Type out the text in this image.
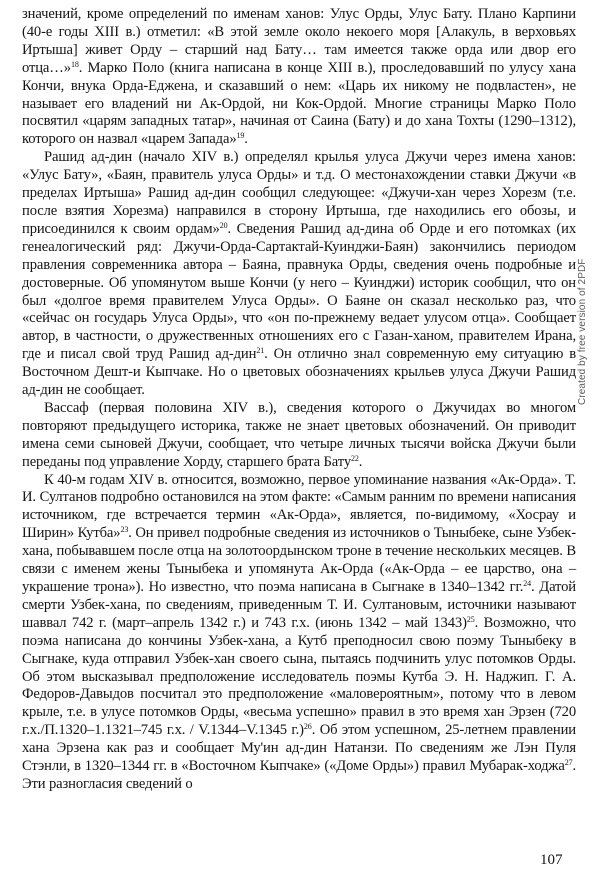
значений, кроме определений по именам ханов: Улус Орды, Улус Бату. Плано Карпини (40-е годы XIII в.) отметил: «В этой земле около некоего моря [Алакуль, в верховьях Иртыша] живет Орду – старший над Бату… там имеется также орда или двор его отца…»$^{18}$. Марко Поло (книга написана в конце XIII в.), проследовавший по улусу хана Кончи, внука Орда-Еджена, и сказавший о нем: «Царь их никому не подвластен», не называет его владений ни Ак-Ордой, ни Кок-Ордой. Многие страницы Марко Поло посвятил «царям западных татар», начиная от Саина (Бату) и до хана Тохты (1290–1312), которого он назвал «царем Запада»$^{19}$.

Рашид ад-дин (начало XIV в.) определял крылья улуса Джучи через имена ханов: «Улус Бату», «Баян, правитель улуса Орды» и т.д. О местонахождении ставки Джучи «в пределах Иртыша» Рашид ад-дин сообщил следующее: «Джучи-хан через Хорезм (т.е. после взятия Хорезма) направился в сторону Иртыша, где находились его обозы, и присоединился к своим ордам»$^{20}$. Сведения Рашид ад-дина об Орде и его потомках (их генеалогический ряд: Джучи-Орда-Сартактай-Куинджи-Баян) закончились периодом правления современника автора – Баяна, правнука Орды, сведения очень подробные и достоверные. Об упомянутом выше Кончи (у него – Куинджи) историк сообщил, что он был «долгое время правителем Улуса Орды». О Баяне он сказал несколько раз, что «сейчас он государь Улуса Орды», что «он по-прежнему ведает улусом отца». Сообщает автор, в частности, о дружественных отношениях его с Газан-ханом, правителем Ирана, где и писал свой труд Рашид ад-дин$^{21}$. Он отлично знал современную ему ситуацию в Восточном Дешт-и Кыпчаке. Но о цветовых обозначениях крыльев улуса Джучи Рашид ад-дин не сообщает.

Вассаф (первая половина XIV в.), сведения которого о Джучидах во многом повторяют предыдущего историка, также не знает цветовых обозначений. Он приводит имена семи сыновей Джучи, сообщает, что четыре личных тысячи войска Джучи были переданы под управление Хорду, старшего брата Бату$^{22}$.

К 40-м годам XIV в. относится, возможно, первое упоминание названия «Ак-Орда». Т. И. Султанов подробно остановился на этом факте: «Самым ранним по времени написания источником, где встречается термин «Ак-Орда», является, по-видимому, «Хосрау и Ширин» Кутба»$^{23}$. Он привел подробные сведения из источников о Тыныбеке, сыне Узбек-хана, побывавшем после отца на золотоордынском троне в течение нескольких месяцев. В связи с именем жены Тыныбека и упомянута Ак-Орда («Ак-Орда – ее царство, она – украшение трона»). Но известно, что поэма написана в Сыгнаке в 1340–1342 гг.$^{24}$. Датой смерти Узбек-хана, по сведениям, приведенным Т. И. Султановым, источники называют шаввал 742 г. (март–апрель 1342 г.) и 743 г.х. (июнь 1342 – май 1343)$^{25}$. Возможно, что поэма написана до кончины Узбек-хана, а Кутб преподносил свою поэму Тыныбеку в Сыгнаке, куда отправил Узбек-хан своего сына, пытаясь подчинить улус потомков Орды. Об этом высказывал предположение исследователь поэмы Кутба Э. Н. Наджип. Г. А. Федоров-Давыдов посчитал это предположение «маловероятным», потому что в левом крыле, т.е. в улусе потомков Орды, «весьма успешно» правил в это время хан Эрзен (720 г.х./П.1320–1.1321–745 г.х. / V.1344–V.1345 г.)$^{26}$. Об этом успешном, 25-летнем правлении хана Эрзена как раз и сообщает Му'ин ад-дин Натанзи. По сведениям же Лэн Пуля Стэнли, в 1320–1344 гг. в «Восточном Кыпчаке» («Доме Орды») правил Мубарак-ходжа$^{27}$. Эти разногласия сведений о

Created by free version of 2PDF
107
